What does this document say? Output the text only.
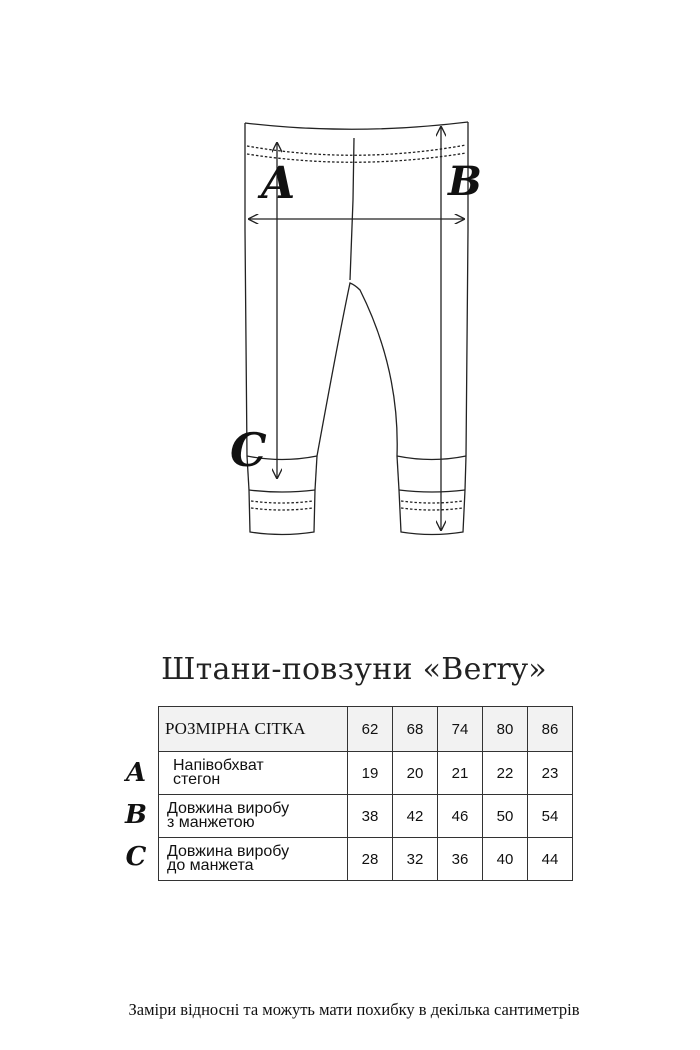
A	B
C
Штани-повзуни «Berry»
A
B
C
РОЗМІРНА СІТКА	62	68	74	80	86

Напівобхват
стегон	19	20	21	22	23

Довжина виробу
з манжетою	38	42	46	50	54

Довжина виробу
до манжета	28	32	36	40	44
Заміри відносні та можуть мати похибку в декілька сантиметрів
